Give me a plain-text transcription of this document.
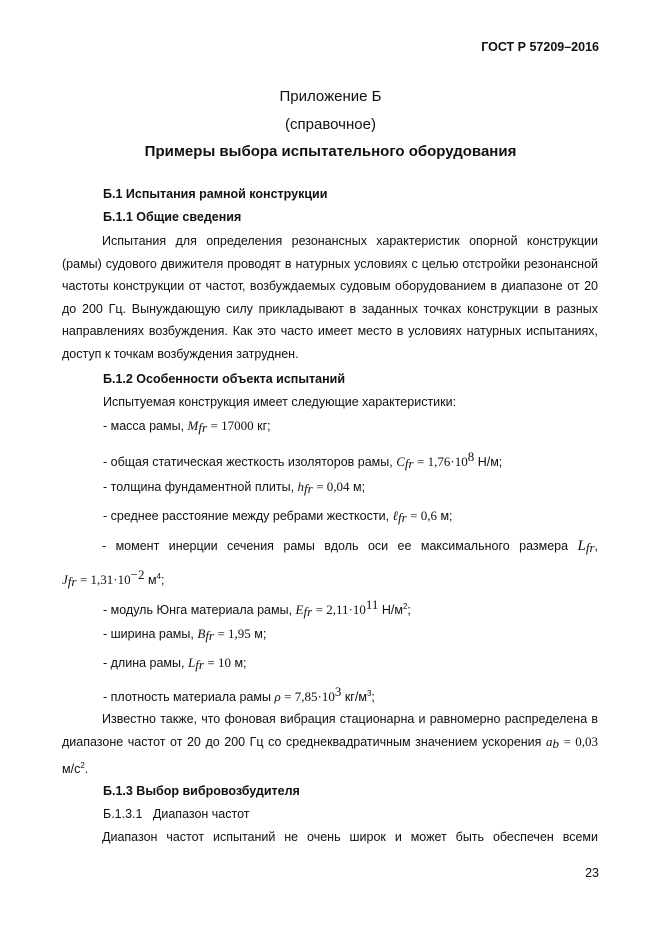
ГОСТ Р 57209–2016
Приложение Б
(справочное)
Примеры выбора испытательного оборудования
Б.1 Испытания рамной конструкции
Б.1.1 Общие сведения
Испытания для определения резонансных характеристик опорной конструкции (рамы) судового движителя проводят в натурных условиях с целью отстройки резонансной частоты конструкции от частот, возбуждаемых судовым оборудованием в диапазоне от 20 до 200 Гц. Вынуждающую силу прикладывают в заданных точках конструкции в разных направлениях возбуждения. Как это часто имеет место в условиях натурных испытаниях, доступ к точкам возбуждения затруднен.
Б.1.2 Особенности объекта испытаний
Испытуемая конструкция имеет следующие характеристики:
- масса рамы, $M_{fr} = 17000$ кг;
- общая статическая жесткость изоляторов рамы, $C_{fr} = 1,76\cdot 10^8$ Н/м;
- толщина фундаментной плиты, $h_{fr} = 0,04$ м;
- среднее расстояние между ребрами жесткости, ℓ$_{fr}$ = 0,6 м;
- момент инерции сечения рамы вдоль оси ее максимального размера $L_{fr}$,
$J_{fr} = 1,31\cdot 10^{-2}$ $м^4$;
- модуль Юнга материала рамы, $E_{fr} = 2,11\cdot 10^{11}$ $Н/м^2$;
- ширина рамы, $B_{fr} = 1,95$ м;
- длина рамы, $L_{fr} = 10$ м;
- плотность материала рамы $\rho = 7,85\cdot 10^3$ $кг/м^3$;
Известно также, что фоновая вибрация стационарна и равномерно распределена в диапазоне частот от 20 до 200 Гц со среднеквадратичным значением ускорения $a_b = 0,03$ $м/с^2$.
Б.1.3 Выбор вибровозбудителя
Б.1.3.1   Диапазон частот
Диапазон частот испытаний не очень широк и может быть обеспечен всеми
23
